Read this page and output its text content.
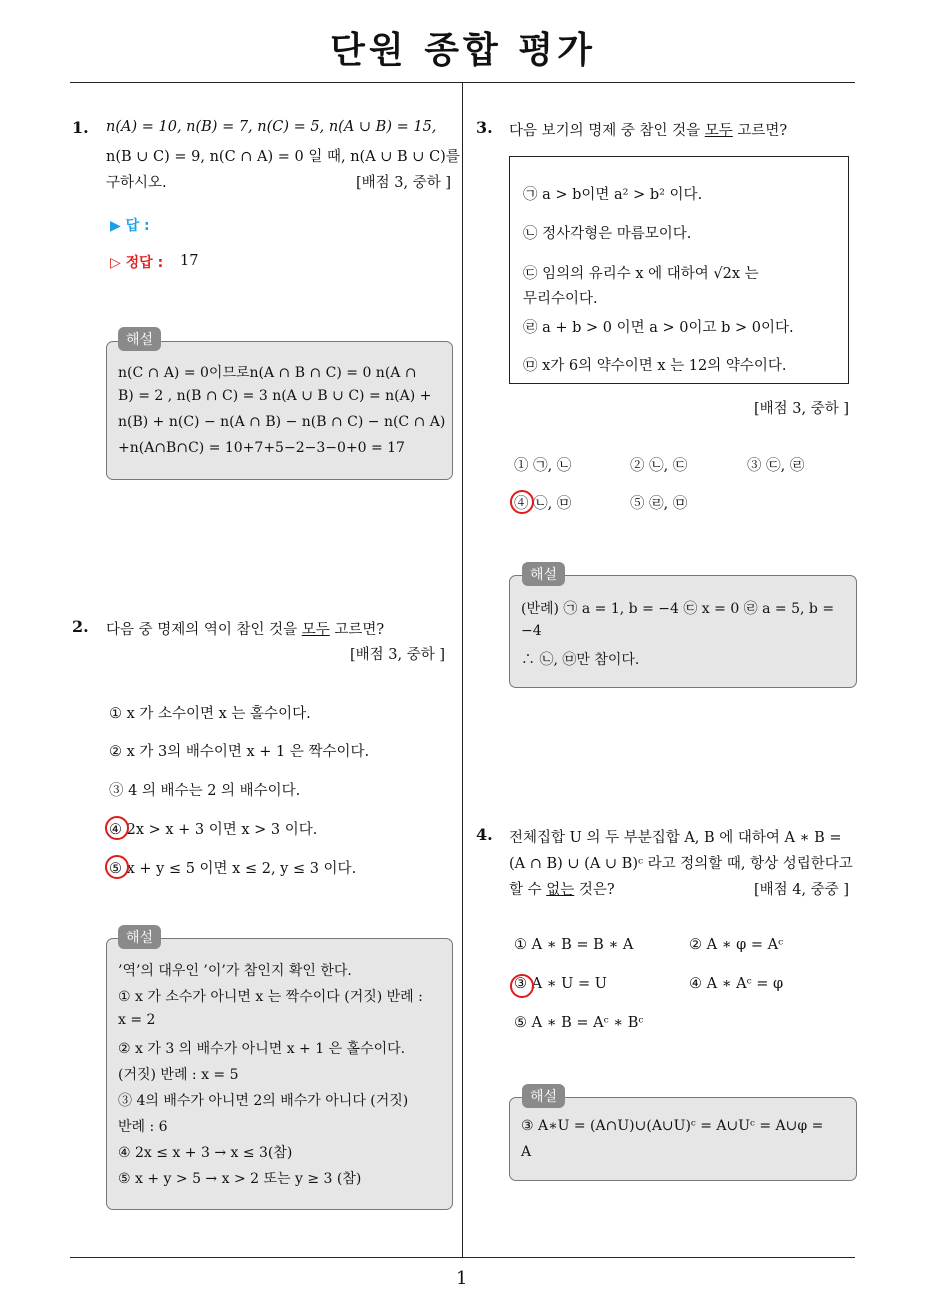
단원 종합 평가
1
1. n(A) = 10, n(B) = 7, n(C) = 5, n(A ∪ B) = 15,
n(B ∪ C) = 9, n(C ∩ A) = 0 일 때, n(A ∪ B ∪ C)를
구하시오.	[배점 3, 중하 ]
▶ 답 :
▷ 정답 : 17
해설
n(C ∩ A) = 0이므로n(A ∩ B ∩ C) = 0 n(A ∩
B) = 2 , n(B ∩ C) = 3 n(A ∪ B ∪ C) = n(A) +
n(B) + n(C) − n(A ∩ B) − n(B ∩ C) − n(C ∩ A)
+n(A∩B∩C) = 10+7+5−2−3−0+0 = 17
2. 다음 중 명제의 역이 참인 것을 모두 고르면?
[배점 3, 중하 ]
① x 가 소수이면 x 는 홀수이다.
② x 가 3의 배수이면 x + 1 은 짝수이다.
③ 4 의 배수는 2 의 배수이다.
④ 2x > x + 3 이면 x > 3 이다.
⑤ x + y ≤ 5 이면 x ≤ 2, y ≤ 3 이다.
해설
’역’의 대우인 ’이’가 참인지 확인 한다.
① x 가 소수가 아니면 x 는 짝수이다 (거짓) 반례 :
x = 2
② x 가 3 의 배수가 아니면 x + 1 은 홀수이다.
(거짓) 반례 : x = 5
③ 4의 배수가 아니면 2의 배수가 아니다 (거짓)
반례 : 6
④ 2x ≤ x + 3 → x ≤ 3(참)
⑤ x + y > 5 → x > 2 또는 y ≥ 3 (참)
3. 다음 보기의 명제 중 참인 것을 모두 고르면?
㉠ a > b이면 a² > b² 이다.
㉡ 정사각형은 마름모이다.
㉢ 임의의 유리수 x 에 대하여 √2x 는
무리수이다.
㉣ a + b > 0 이면 a > 0이고 b > 0이다.
㉤ x가 6의 약수이면 x 는 12의 약수이다.
[배점 3, 중하 ]
① ㉠, ㉡	② ㉡, ㉢	③ ㉢, ㉣
④ ㉡, ㉤	⑤ ㉣, ㉤
해설
(반례) ㉠ a = 1, b = −4 ㉢ x = 0 ㉣ a = 5, b =
−4
∴ ㉡, ㉤만 참이다.
4. 전체집합 U 의 두 부분집합 A, B 에 대하여 A ∗ B =
(A ∩ B) ∪ (A ∪ B)ᶜ 라고 정의할 때, 항상 성립한다고
할 수 없는 것은?	[배점 4, 중중 ]
① A ∗ B = B ∗ A	② A ∗ φ = Aᶜ
③ A ∗ U = U	④ A ∗ Aᶜ = φ
⑤ A ∗ B = Aᶜ ∗ Bᶜ
해설
③ A∗U = (A∩U)∪(A∪U)ᶜ = A∪Uᶜ = A∪φ =
A
